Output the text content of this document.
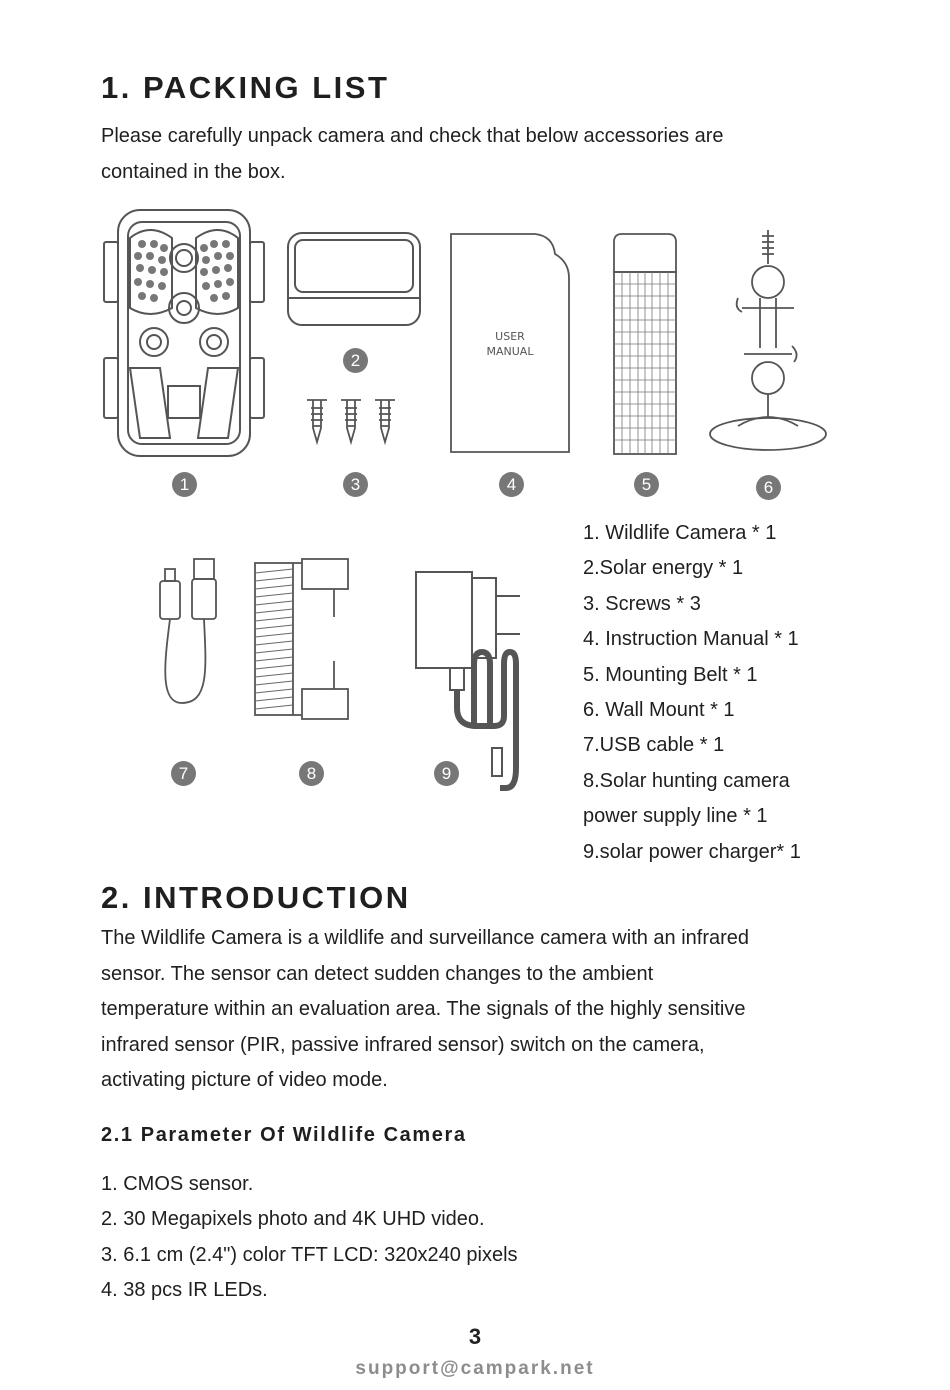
1. PACKING LIST

Please carefully unpack camera and check that below accessories are
contained in the box.

USER
MANUAL
1
2
3	4	5	6
7	8	9
1. Wildlife Camera * 1
2.Solar energy * 1
3. Screws * 3
4. Instruction Manual * 1
5. Mounting Belt * 1
6. Wall Mount * 1
7.USB cable * 1
8.Solar hunting camera
power supply line * 1
9.solar power charger* 1
2. INTRODUCTION

The Wildlife Camera is a wildlife and surveillance camera with an infrared
sensor. The sensor can detect sudden changes to the ambient
temperature within an evaluation area. The signals of the highly sensitive
infrared sensor (PIR, passive infrared sensor) switch on the camera,
activating picture of video mode.

2.1 Parameter Of Wildlife Camera
1. CMOS sensor.
2. 30 Megapixels photo and 4K UHD video.
3. 6.1 cm (2.4") color TFT LCD: 320x240 pixels
4. 38 pcs IR LEDs.
3
support@campark.net
